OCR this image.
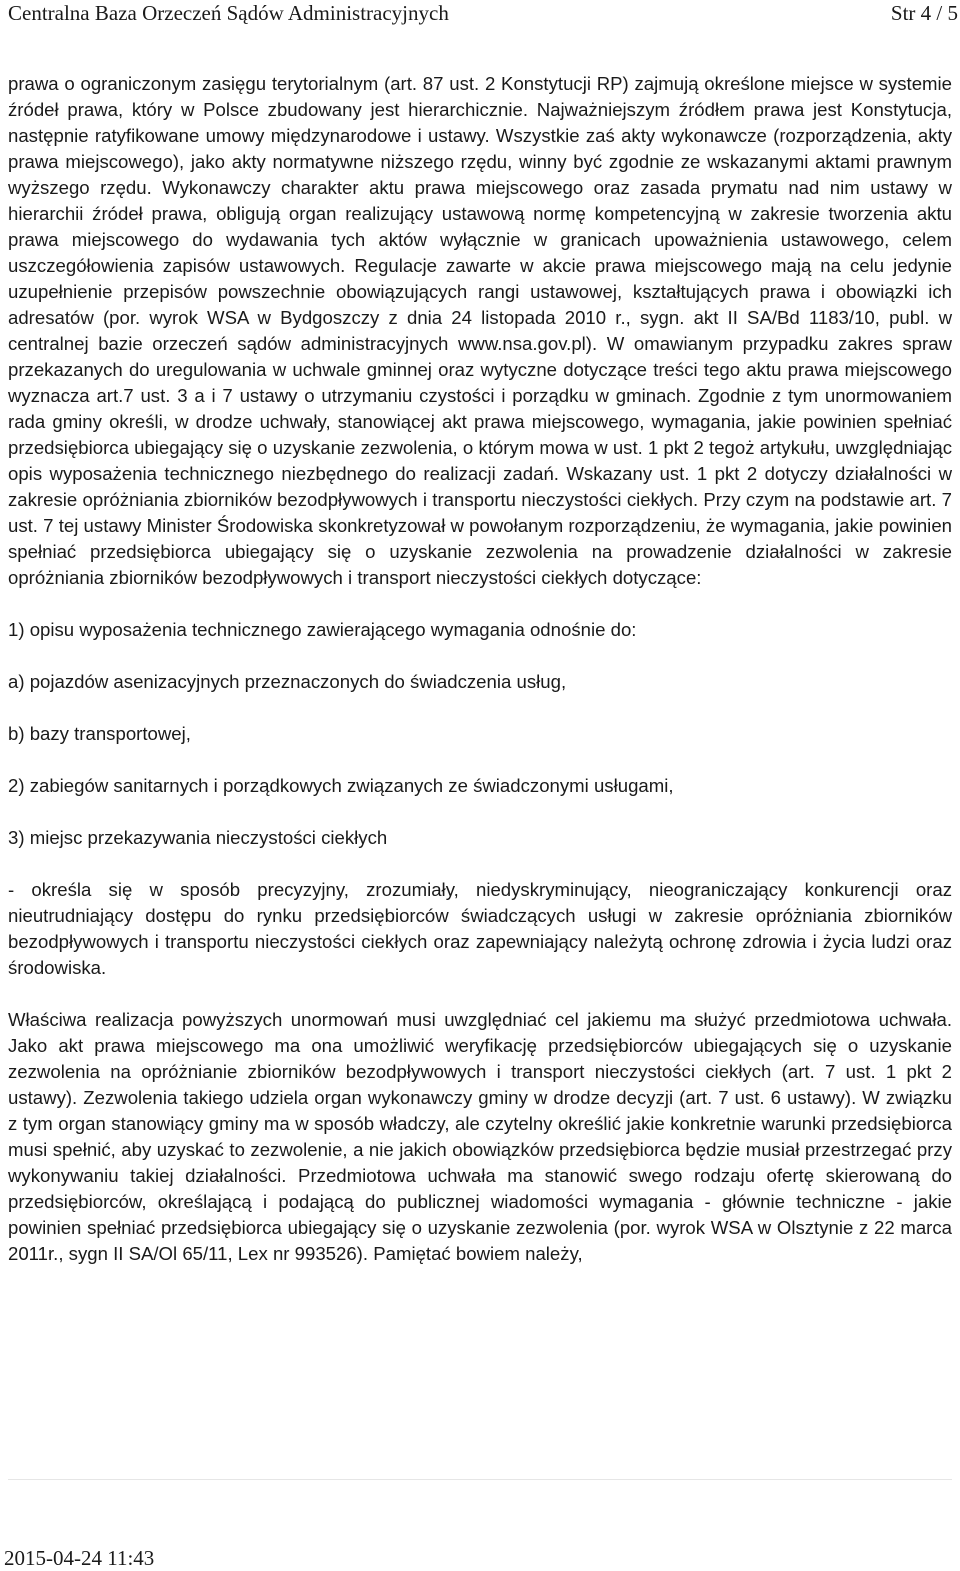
Centralna Baza Orzeczeń Sądów Administracyjnych	Str 4 / 5

prawa o ograniczonym zasięgu terytorialnym (art. 87 ust. 2 Konstytucji RP) zajmują określone miejsce w systemie źródeł prawa, który w Polsce zbudowany jest hierarchicznie. Najważniejszym źródłem prawa jest Konstytucja, następnie ratyfikowane umowy międzynarodowe i ustawy. Wszystkie zaś akty wykonawcze (rozporządzenia, akty prawa miejscowego), jako akty normatywne niższego rzędu, winny być zgodnie ze wskazanymi aktami prawnym wyższego rzędu. Wykonawczy charakter aktu prawa miejscowego oraz zasada prymatu nad nim ustawy w hierarchii źródeł prawa, obligują organ realizujący ustawową normę kompetencyjną w zakresie tworzenia aktu prawa miejscowego do wydawania tych aktów wyłącznie w granicach upoważnienia ustawowego, celem uszczegółowienia zapisów ustawowych. Regulacje zawarte w akcie prawa miejscowego mają na celu jedynie uzupełnienie przepisów powszechnie obowiązujących rangi ustawowej, kształtujących prawa i obowiązki ich adresatów (por. wyrok WSA w Bydgoszczy z dnia 24 listopada 2010 r., sygn. akt II SA/Bd 1183/10, publ. w centralnej bazie orzeczeń sądów administracyjnych www.nsa.gov.pl). W omawianym przypadku zakres spraw przekazanych do uregulowania w uchwale gminnej oraz wytyczne dotyczące treści tego aktu prawa miejscowego wyznacza art.7 ust. 3 a i 7 ustawy o utrzymaniu czystości i porządku w gminach. Zgodnie z tym unormowaniem rada gminy określi, w drodze uchwały, stanowiącej akt prawa miejscowego, wymagania, jakie powinien spełniać przedsiębiorca ubiegający się o uzyskanie zezwolenia, o którym mowa w ust. 1 pkt 2 tegoż artykułu, uwzględniając opis wyposażenia technicznego niezbędnego do realizacji zadań. Wskazany ust. 1 pkt 2 dotyczy działalności w zakresie opróżniania zbiorników bezodpływowych i transportu nieczystości ciekłych. Przy czym na podstawie art. 7 ust. 7 tej ustawy Minister Środowiska skonkretyzował w powołanym rozporządzeniu, że wymagania, jakie powinien spełniać przedsiębiorca ubiegający się o uzyskanie zezwolenia na prowadzenie działalności w zakresie opróżniania zbiorników bezodpływowych i transport nieczystości ciekłych dotyczące:

1) opisu wyposażenia technicznego zawierającego wymagania odnośnie do:

a) pojazdów asenizacyjnych przeznaczonych do świadczenia usług,

b) bazy transportowej,

2) zabiegów sanitarnych i porządkowych związanych ze świadczonymi usługami,

3) miejsc przekazywania nieczystości ciekłych

- określa się w sposób precyzyjny, zrozumiały, niedyskryminujący, nieograniczający konkurencji oraz nieutrudniający dostępu do rynku przedsiębiorców świadczących usługi w zakresie opróżniania zbiorników bezodpływowych i transportu nieczystości ciekłych oraz zapewniający należytą ochronę zdrowia i życia ludzi oraz środowiska.

Właściwa realizacja powyższych unormowań musi uwzględniać cel jakiemu ma służyć przedmiotowa uchwała. Jako akt prawa miejscowego ma ona umożliwić weryfikację przedsiębiorców ubiegających się o uzyskanie zezwolenia na opróżnianie zbiorników bezodpływowych i transport nieczystości ciekłych (art. 7 ust. 1 pkt 2 ustawy). Zezwolenia takiego udziela organ wykonawczy gminy w drodze decyzji (art. 7 ust. 6 ustawy). W związku z tym organ stanowiący gminy ma w sposób władczy, ale czytelny określić jakie konkretnie warunki przedsiębiorca musi spełnić, aby uzyskać to zezwolenie, a nie jakich obowiązków przedsiębiorca będzie musiał przestrzegać przy wykonywaniu takiej działalności. Przedmiotowa uchwała ma stanowić swego rodzaju ofertę skierowaną do przedsiębiorców, określającą i podającą do publicznej wiadomości wymagania - głównie techniczne - jakie powinien spełniać przedsiębiorca ubiegający się o uzyskanie zezwolenia (por. wyrok WSA w Olsztynie z 22 marca 2011r., sygn II SA/Ol 65/11, Lex nr 993526). Pamiętać bowiem należy,

2015-04-24 11:43
